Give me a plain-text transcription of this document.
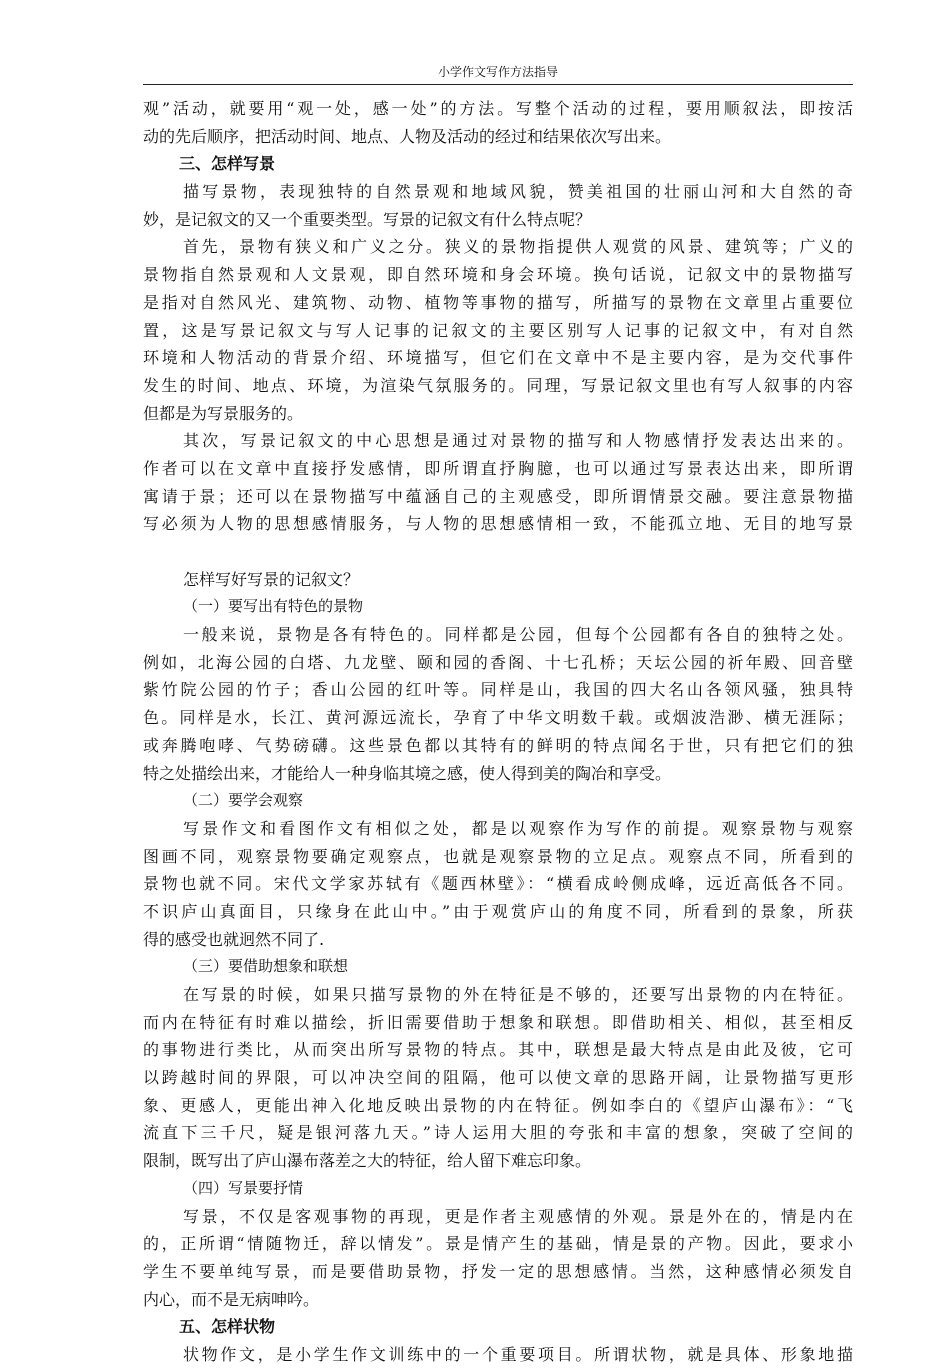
小学作文写作方法指导
观”活动，就要用“观一处，感一处”的方法。写整个活动的过程，要用顺叙法，即按活
动的先后顺序，把活动时间、地点、人物及活动的经过和结果依次写出来。
三、怎样写景
描写景物，表现独特的自然景观和地域风貌，赞美祖国的壮丽山河和大自然的奇
妙，是记叙文的又一个重要类型。写景的记叙文有什么特点呢？
首先，景物有狭义和广义之分。狭义的景物指提供人观赏的风景、建筑等；广义的
景物指自然景观和人文景观，即自然环境和身会环境。换句话说，记叙文中的景物描写
是指对自然风光、建筑物、动物、植物等事物的描写，所描写的景物在文章里占重要位
置，这是写景记叙文与写人记事的记叙文的主要区别写人记事的记叙文中，有对自然
环境和人物活动的背景介绍、环境描写，但它们在文章中不是主要内容，是为交代事件
发生的时间、地点、环境，为渲染气氛服务的。同理，写景记叙文里也有写人叙事的内容
但都是为写景服务的。
其次，写景记叙文的中心思想是通过对景物的描写和人物感情抒发表达出来的。
作者可以在文章中直接抒发感情，即所谓直抒胸臆，也可以通过写景表达出来，即所谓
寓请于景；还可以在景物描写中蕴涵自己的主观感受，即所谓情景交融。要注意景物描
写必须为人物的思想感情服务，与人物的思想感情相一致，不能孤立地、无目的地写景
怎样写好写景的记叙文？
（一）要写出有特色的景物
一般来说，景物是各有特色的。同样都是公园，但每个公园都有各自的独特之处。
例如，北海公园的白塔、九龙壁、颐和园的香阁、十七孔桥；天坛公园的祈年殿、回音壁
紫竹院公园的竹子；香山公园的红叶等。同样是山，我国的四大名山各领风骚，独具特
色。同样是水，长江、黄河源远流长，孕育了中华文明数千载。或烟波浩渺、横无涯际；
或奔腾咆哮、气势磅礴。这些景色都以其特有的鲜明的特点闻名于世，只有把它们的独
特之处描绘出来，才能给人一种身临其境之感，使人得到美的陶冶和享受。
（二）要学会观察
写景作文和看图作文有相似之处，都是以观察作为写作的前提。观察景物与观察
图画不同，观察景物要确定观察点，也就是观察景物的立足点。观察点不同，所看到的
景物也就不同。宋代文学家苏轼有《题西林壁》：“横看成岭侧成峰，远近高低各不同。
不识庐山真面目，只缘身在此山中。”由于观赏庐山的角度不同，所看到的景象，所获
得的感受也就迥然不同了.
（三）要借助想象和联想
在写景的时候，如果只描写景物的外在特征是不够的，还要写出景物的内在特征。
而内在特征有时难以描绘，折旧需要借助于想象和联想。即借助相关、相似，甚至相反
的事物进行类比，从而突出所写景物的特点。其中，联想是最大特点是由此及彼，它可
以跨越时间的界限，可以冲决空间的阻隔，他可以使文章的思路开阔，让景物描写更形
象、更感人，更能出神入化地反映出景物的内在特征。例如李白的《望庐山瀑布》：“飞
流直下三千尺，疑是银河落九天。”诗人运用大胆的夸张和丰富的想象，突破了空间的
限制，既写出了庐山瀑布落差之大的特征，给人留下难忘印象。
（四）写景要抒情
写景，不仅是客观事物的再现，更是作者主观感情的外观。景是外在的，情是内在
的，正所谓“情随物迁，辞以情发”。景是情产生的基础，情是景的产物。因此，要求小
学生不要单纯写景，而是要借助景物，抒发一定的思想感情。当然，这种感情必须发自
内心，而不是无病呻吟。
五、怎样状物
状物作文，是小学生作文训练中的一个重要项目。所谓状物，就是具体、形象地描
